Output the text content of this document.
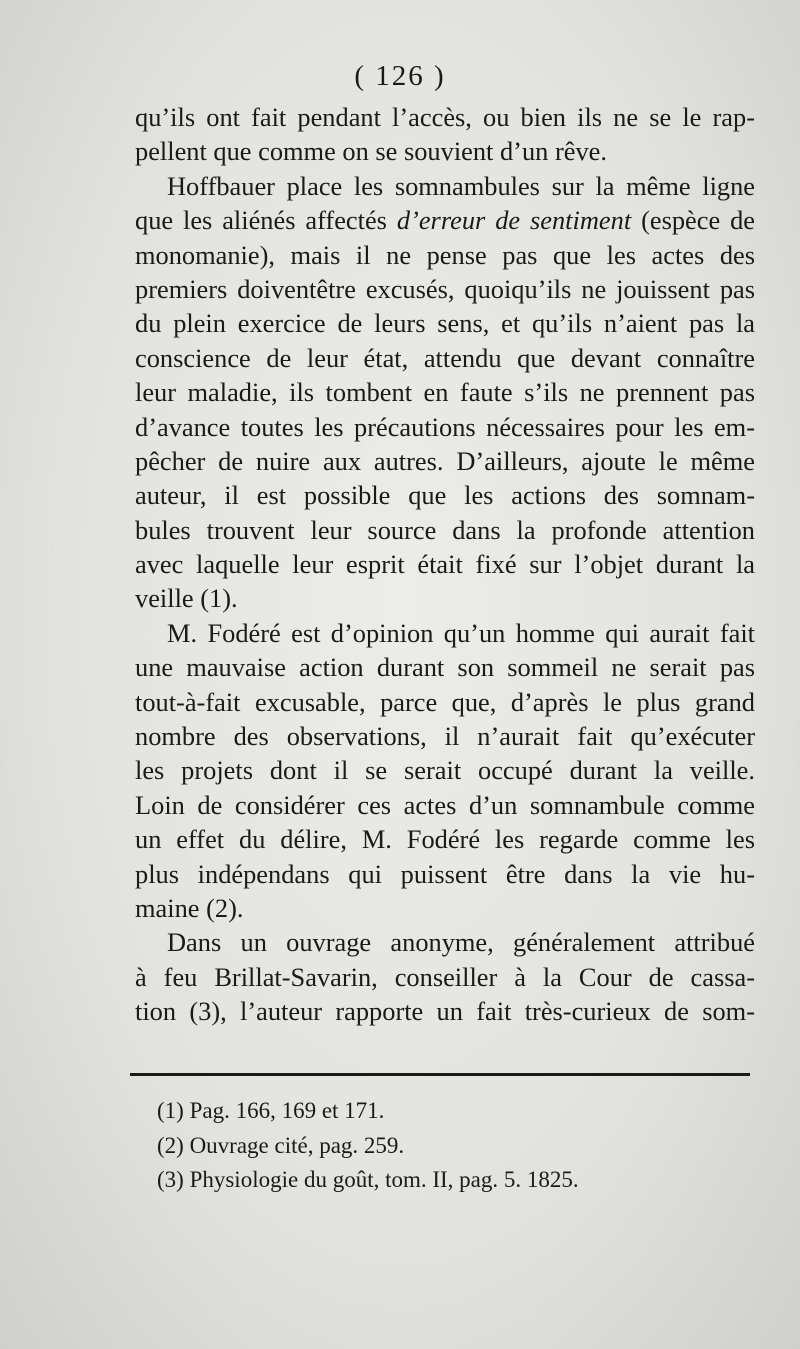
( 126 )
qu’ils ont fait pendant l’accès, ou bien ils ne se le rap-
pellent que comme on se souvient d’un rêve.
Hoffbauer place les somnambules sur la même ligne
que les aliénés affectés d’erreur de sentiment (espèce de
monomanie), mais il ne pense pas que les actes des
premiers doiventêtre excusés, quoiqu’ils ne jouissent pas
du plein exercice de leurs sens, et qu’ils n’aient pas la
conscience de leur état, attendu que devant connaître
leur maladie, ils tombent en faute s’ils ne prennent pas
d’avance toutes les précautions nécessaires pour les em-
pêcher de nuire aux autres. D’ailleurs, ajoute le même
auteur, il est possible que les actions des somnam-
bules trouvent leur source dans la profonde attention
avec laquelle leur esprit était fixé sur l’objet durant la
veille (1).
M. Fodéré est d’opinion qu’un homme qui aurait fait
une mauvaise action durant son sommeil ne serait pas
tout-à-fait excusable, parce que, d’après le plus grand
nombre des observations, il n’aurait fait qu’exécuter
les projets dont il se serait occupé durant la veille.
Loin de considérer ces actes d’un somnambule comme
un effet du délire, M. Fodéré les regarde comme les
plus indépendans qui puissent être dans la vie hu-
maine (2).
Dans un ouvrage anonyme, généralement attribué
à feu Brillat-Savarin, conseiller à la Cour de cassa-
tion (3), l’auteur rapporte un fait très-curieux de som-
(1) Pag. 166, 169 et 171.
(2) Ouvrage cité, pag. 259.
(3) Physiologie du goût, tom. II, pag. 5. 1825.
